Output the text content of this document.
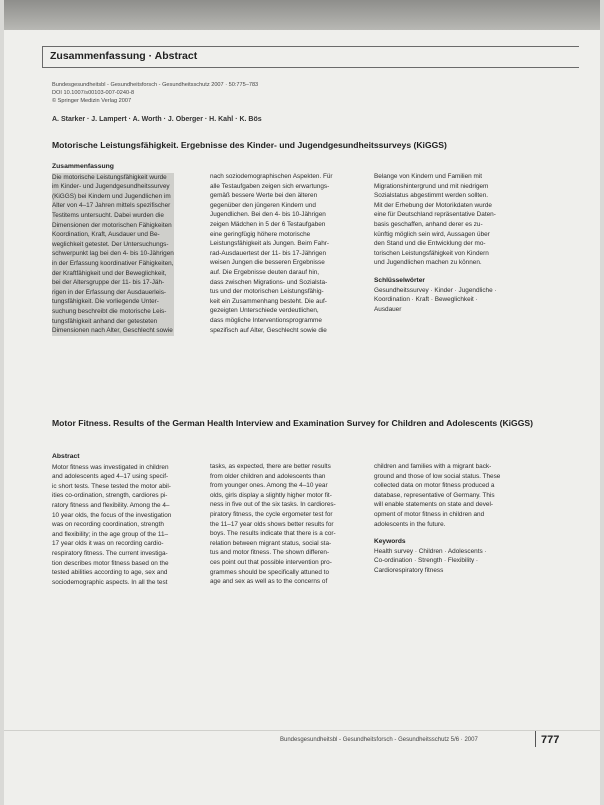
Zusammenfassung · Abstract
Bundesgesundheitsbl - Gesundheitsforsch - Gesundheitsschutz 2007 · 50:775–783
DOI 10.1007/s00103-007-0240-8
© Springer Medizin Verlag 2007
A. Starker · J. Lampert · A. Worth · J. Oberger · H. Kahl · K. Bös
Motorische Leistungsfähigkeit. Ergebnisse des Kinder- und Jugendgesundheitssurveys (KiGGS)
Zusammenfassung
Die motorische Leistungsfähigkeit wurde
im Kinder- und Jugendgesundheitssurvey
(KiGGS) bei Kindern und Jugendlichen im
Alter von 4–17 Jahren mittels spezifischer
Testitems untersucht. Dabei wurden die
Dimensionen der motorischen Fähigkeiten
Koordination, Kraft, Ausdauer und Be-
weglichkeit getestet. Der Untersuchungs-
schwerpunkt lag bei den 4- bis 10-Jährigen
in der Erfassung koordinativer Fähigkeiten,
der Kraftfähigkeit und der Beweglichkeit,
bei der Altersgruppe der 11- bis 17-Jäh-
rigen in der Erfassung der Ausdauerleis-
tungsfähigkeit. Die vorliegende Unter-
suchung beschreibt die motorische Leis-
tungsfähigkeit anhand der getesteten
Dimensionen nach Alter, Geschlecht sowie
nach soziodemographischen Aspekten. Für
alle Testaufgaben zeigen sich erwartungs-
gemäß bessere Werte bei den älteren
gegenüber den jüngeren Kindern und
Jugendlichen. Bei den 4- bis 10-Jährigen
zeigen Mädchen in 5 der 6 Testaufgaben
eine geringfügig höhere motorische
Leistungsfähigkeit als Jungen. Beim Fahr-
rad-Ausdauertest der 11- bis 17-Jährigen
weisen Jungen die besseren Ergebnisse
auf. Die Ergebnisse deuten darauf hin,
dass zwischen Migrations- und Sozialsta-
tus und der motorischen Leistungsfähig-
keit ein Zusammenhang besteht. Die auf-
gezeigten Unterschiede verdeutlichen,
dass mögliche Interventionsprogramme
spezifisch auf Alter, Geschlecht sowie die
Belange von Kindern und Familien mit
Migrationshintergrund und mit niedrigem
Sozialstatus abgestimmt werden sollten.
Mit der Erhebung der Motorikdaten wurde
eine für Deutschland repräsentative Daten-
basis geschaffen, anhand derer es zu-
künftig möglich sein wird, Aussagen über
den Stand und die Entwicklung der mo-
torischen Leistungsfähigkeit von Kindern
und Jugendlichen machen zu können.
Schlüsselwörter
Gesundheitssurvey · Kinder · Jugendliche ·
Koordination · Kraft · Beweglichkeit ·
Ausdauer
Motor Fitness. Results of the German Health Interview and Examination Survey for Children and Adolescents (KiGGS)
Abstract
Motor fitness was investigated in children
and adolescents aged 4–17 using specif-
ic short tests. These tested the motor abil-
ities co-ordination, strength, cardiores pi-
ratory fitness and flexibility. Among the 4–
10 year olds, the focus of the investigation
was on recording coordination, strength
and flexibility; in the age group of the 11–
17 year olds it was on recording cardio-
respiratory fitness. The current investiga-
tion describes motor fitness based on the
tested abilities according to age, sex and
sociodemographic aspects. In all the test
tasks, as expected, there are better results
from older children and adolescents than
from younger ones. Among the 4–10 year
olds, girls display a slightly higher motor fit-
ness in five out of the six tasks. In cardiores-
piratory fitness, the cycle ergometer test for
the 11–17 year olds shows better results for
boys. The results indicate that there is a cor-
relation between migrant status, social sta-
tus and motor fitness. The shown differen-
ces point out that possible intervention pro-
grammes should be specifically attuned to
age and sex as well as to the concerns of
children and families with a migrant back-
ground and those of low social status. These
collected data on motor fitness produced a
database, representative of Germany. This
will enable statements on state and devel-
opment of motor fitness in children and
adolescents in the future.
Keywords
Health survey · Children · Adolescents ·
Co-ordination · Strength · Flexibility ·
Cardiorespiratory fitness
Bundesgesundheitsbl - Gesundheitsforsch - Gesundheitsschutz 5/6 · 2007	777
